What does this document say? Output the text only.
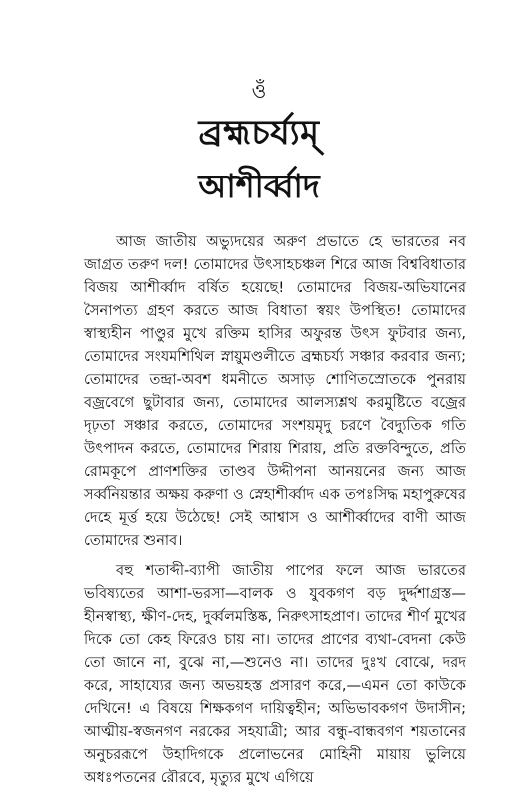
ওঁ
ব্রহ্মচর্য্যম্
আশীর্ব্বাদ

আজ জাতীয় অভ্যুদয়ের অরুণ প্রভাতে হে ভারতের নব জাগ্রত তরুণ দল! তোমাদের উৎসাহচঞ্চল শিরে আজ বিশ্ববিধাতার বিজয় আশীর্ব্বাদ বর্ষিত হয়েছে! তোমাদের বিজয়-অভিযানের সৈনাপত্য গ্রহণ করতে আজ বিধাতা স্বয়ং উপস্থিত! তোমাদের স্বাস্থ্যহীন পাণ্ডুর মুখে রক্তিম হাসির অফুরন্ত উৎস ফুটবার জন্য, তোমাদের সংযমশিথিল স্নায়ুমণ্ডলীতে ব্রহ্মচর্য্য সঞ্চার করবার জন্য; তোমাদের তন্দ্রা-অবশ ধমনীতে অসাড় শোণিতস্রোতকে পুনরায় বজ্রবেগে ছুটাবার জন্য, তোমাদের আলস্যশ্লথ করমুষ্টিতে বজ্রের দৃঢ়তা সঞ্চার করতে, তোমাদের সংশয়মৃদু চরণে বৈদ্যুতিক গতি উৎপাদন করতে, তোমাদের শিরায় শিরায়, প্রতি রক্তবিন্দুতে, প্রতি রোমকূপে প্রাণশক্তির তাণ্ডব উদ্দীপনা আনয়নের জন্য আজ সর্ব্বনিয়ন্তার অক্ষয় করুণা ও স্নেহাশীর্ব্বাদ এক তপঃসিদ্ধ মহাপুরুষের দেহে মূর্ত্ত হয়ে উঠেছে! সেই আশ্বাস ও আশীর্ব্বাদের বাণী আজ তোমাদের শুনাব।

বহু শতাব্দী-ব্যাপী জাতীয় পাপের ফলে আজ ভারতের ভবিষ্যতের আশা-ভরসা—বালক ও যুবকগণ বড় দুর্দ্দশাগ্রস্ত—হীনস্বাস্থ্য, ক্ষীণ-দেহ, দুর্ব্বলমস্তিষ্ক, নিরুৎসাহপ্রাণ। তাদের শীর্ণ মুখের দিকে তো কেহ ফিরেও চায় না। তাদের প্রাণের ব্যথা-বেদনা কেউ তো জানে না, বুঝে না,—শুনেও না। তাদের দুঃখ বোঝে, দরদ করে, সাহায্যের জন্য অভয়হস্ত প্রসারণ করে,—এমন তো কাউকে দেখিনে! এ বিষয়ে শিক্ষকগণ দায়িত্বহীন; অভিভাবকগণ উদাসীন; আত্মীয়-স্বজনগণ নরকের সহযাত্রী; আর বন্ধু-বান্ধবগণ শয়তানের অনুচররূপে উহাদিগকে প্রলোভনের মোহিনী মায়ায় ভুলিয়ে অধঃপতনের রৌরবে, মৃত্যুর মুখে এগিয়ে
